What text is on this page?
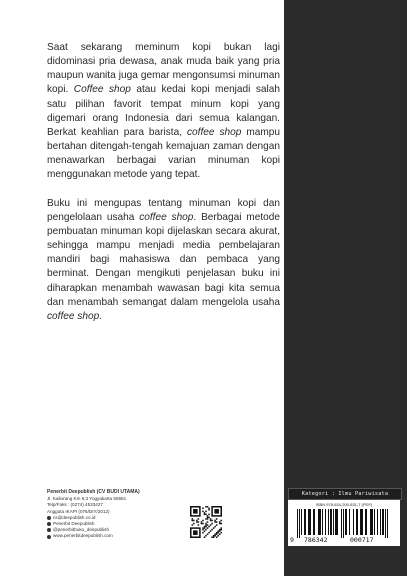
Saat sekarang meminum kopi bukan lagi didominasi pria dewasa, anak muda baik yang pria maupun wanita juga gemar mengonsumsi minuman kopi. Coffee shop atau kedai kopi menjadi salah satu pilihan favorit tempat minum kopi yang digemari orang Indonesia dari semua kalangan. Berkat keahlian para barista, coffee shop mampu bertahan ditengah-tengah kemajuan zaman dengan menawarkan berbagai varian minuman kopi menggunakan metode yang tepat.

Buku ini mengupas tentang minuman kopi dan pengelolaan usaha coffee shop. Berbagai metode pembuatan minuman kopi dijelaskan secara akurat, sehingga mampu menjadi media pembelajaran mandiri bagi mahasiswa dan pembaca yang berminat. Dengan mengikuti penjelasan buku ini diharapkan menambah wawasan bagi kita semua dan menambah semangat dalam mengelola usaha coffee shop.

Penerbit Deepublish (CV BUDI UTAMA)
Jl. Kaliurang Km 9,3 Yogyakarta 55581
Telp/Faks : (0274) 4533427
Anggota IKAPI (076/DIY/2012)
cs@deepublish.co.id
Penerbit Deepublish
@penerbitbuku_deepublish
www.penerbitdeepublish.com
Kategori : Ilmu Pariwisata
ISBN 978-634-200-831-7 (PDF)
9 786342	000717
